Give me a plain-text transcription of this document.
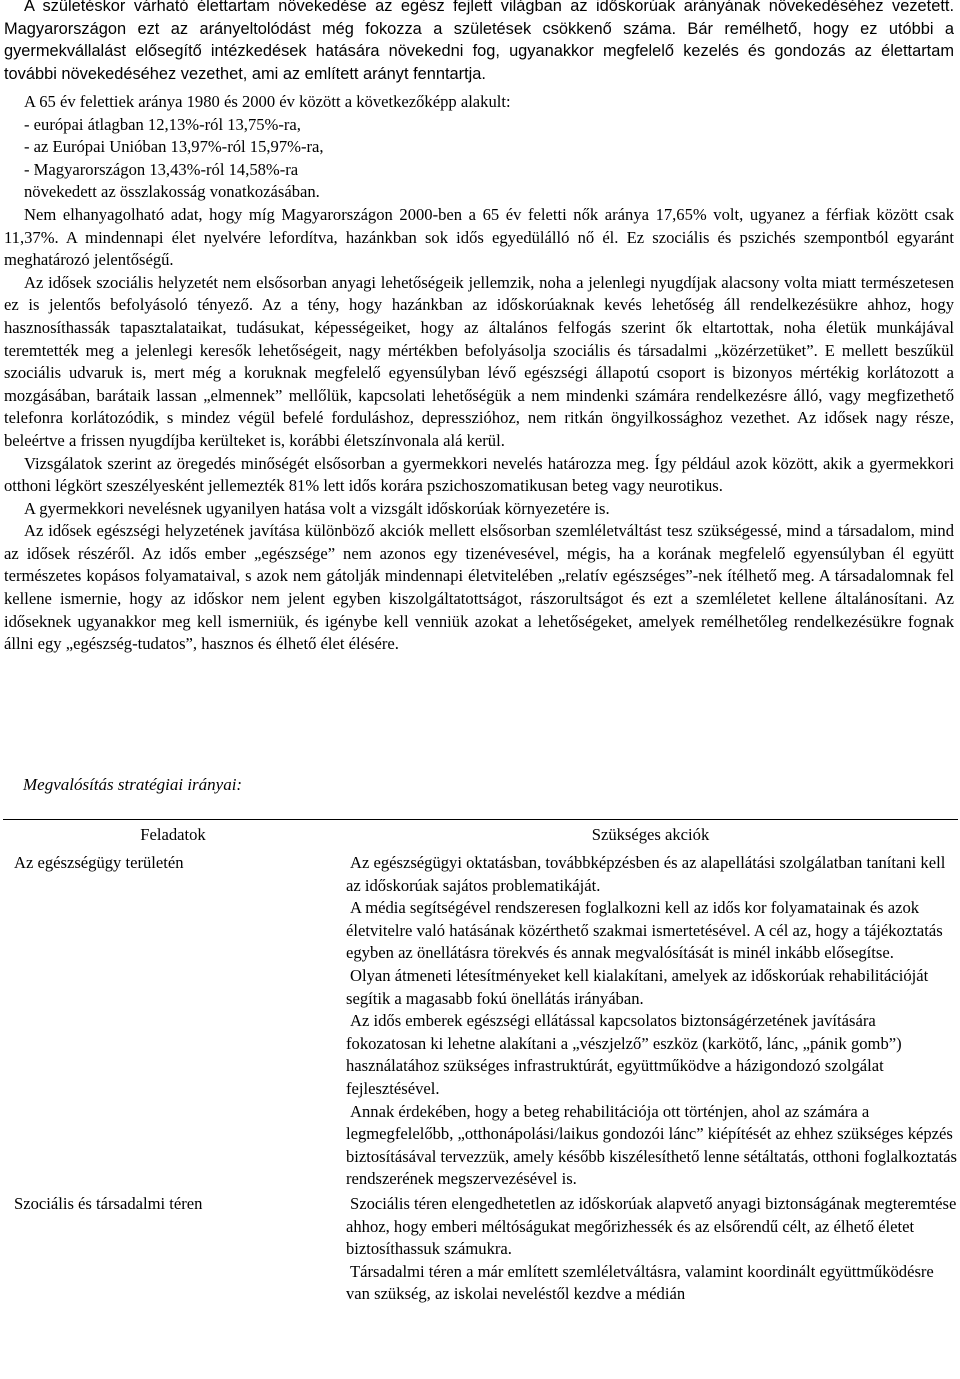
A születéskor várható élettartam növekedése az egész fejlett világban az időskorúak arányának növekedéséhez vezetett. Magyarországon ezt az arányeltolódást még fokozza a születések csökkenő száma. Bár remélhető, hogy ez utóbbi a gyermekvállalást elősegítő intézkedések hatására növekedni fog, ugyanakkor megfelelő kezelés és gondozás az élettartam további növekedéséhez vezethet, ami az említett arányt fenntartja.

A 65 év felettiek aránya 1980 és 2000 év között a következőképp alakult:

- európai átlagban 12,13%-ról 13,75%-ra,

- az Európai Unióban 13,97%-ról 15,97%-ra,

- Magyarországon 13,43%-ról 14,58%-ra

növekedett az összlakosság vonatkozásában.

Nem elhanyagolható adat, hogy míg Magyarországon 2000-ben a 65 év feletti nők aránya 17,65% volt, ugyanez a férfiak között csak 11,37%. A mindennapi élet nyelvére lefordítva, hazánkban sok idős egyedülálló nő él. Ez szociális és pszichés szempontból egyaránt meghatározó jelentőségű.

Az idősek szociális helyzetét nem elsősorban anyagi lehetőségeik jellemzik, noha a jelenlegi nyugdíjak alacsony volta miatt természetesen ez is jelentős befolyásoló tényező. Az a tény, hogy hazánkban az időskorúaknak kevés lehetőség áll rendelkezésükre ahhoz, hogy hasznosíthassák tapasztalataikat, tudásukat, képességeiket, hogy az általános felfogás szerint ők eltartottak, noha életük munkájával teremtették meg a jelenlegi keresők lehetőségeit, nagy mértékben befolyásolja szociális és társadalmi „közérzetüket”. E mellett beszűkül szociális udvaruk is, mert még a koruknak megfelelő egyensúlyban lévő egészségi állapotú csoport is bizonyos mértékig korlátozott a mozgásában, barátaik lassan „elmennek” mellőlük, kapcsolati lehetőségük a nem mindenki számára rendelkezésre álló, vagy megfizethető telefonra korlátozódik, s mindez végül befelé forduláshoz, depresszióhoz, nem ritkán öngyilkossághoz vezethet. Az idősek nagy része, beleértve a frissen nyugdíjba kerülteket is, korábbi életszínvonala alá kerül.

Vizsgálatok szerint az öregedés minőségét elsősorban a gyermekkori nevelés határozza meg. Így például azok között, akik a gyermekkori otthoni légkört szeszélyesként jellemezték 81% lett idős korára pszichoszomatikusan beteg vagy neurotikus.

A gyermekkori nevelésnek ugyanilyen hatása volt a vizsgált időskorúak környezetére is.

Az idősek egészségi helyzetének javítása különböző akciók mellett elsősorban szemléletváltást tesz szükségessé, mind a társadalom, mind az idősek részéről. Az idős ember „egészsége” nem azonos egy tizenévesével, mégis, ha a korának megfelelő egyensúlyban él együtt természetes kopásos folyamataival, s azok nem gátolják mindennapi életvitelében „relatív egészséges”-nek ítélhető meg. A társadalomnak fel kellene ismernie, hogy az időskor nem jelent egyben kiszolgáltatottságot, rászorultságot és ezt a szemléletet kellene általánosítani. Az időseknek ugyanakkor meg kell ismerniük, és igénybe kell venniük azokat a lehetőségeket, amelyek remélhetőleg rendelkezésükre fognak állni egy „egészség-tudatos”, hasznos és élhető élet élésére.

Megvalósítás stratégiai irányai:
Feladatok	Szükséges akciók
Az egészségügy területén	Az egészségügyi oktatásban, továbbképzésben és az alapellátási szolgálatban tanítani kell az időskorúak sajátos problematikáját.

A média segítségével rendszeresen foglalkozni kell az idős kor folyamatainak és azok életvitelre való hatásának közérthető szakmai ismertetésével. A cél az, hogy a tájékoztatás egyben az önellátásra törekvés és annak megvalósítását is minél inkább elősegítse.

Olyan átmeneti létesítményeket kell kialakítani, amelyek az időskorúak rehabilitációját segítik a magasabb fokú önellátás irányában.

Az idős emberek egészségi ellátással kapcsolatos biztonságérzetének javítására fokozatosan ki lehetne alakítani a „vészjelző” eszköz (karkötő, lánc, „pánik gomb”) használatához szükséges infrastruktúrát, együttműködve a házigondozó szolgálat fejlesztésével.

Annak érdekében, hogy a beteg rehabilitációja ott történjen, ahol az számára a legmegfelelőbb, „otthonápolási/laikus gondozói lánc” kiépítését az ehhez szükséges képzés biztosításával tervezzük, amely később kiszélesíthető lenne sétáltatás, otthoni foglalkoztatás rendszerének megszervezésével is.

Szociális és társadalmi téren	Szociális téren elengedhetetlen az időskorúak alapvető anyagi biztonságának megteremtése ahhoz, hogy emberi méltóságukat megőrizhessék és az elsőrendű célt, az élhető életet biztosíthassuk számukra.

Társadalmi téren a már említett szemléletváltásra, valamint koordinált együttműködésre van szükség, az iskolai neveléstől kezdve a médián
